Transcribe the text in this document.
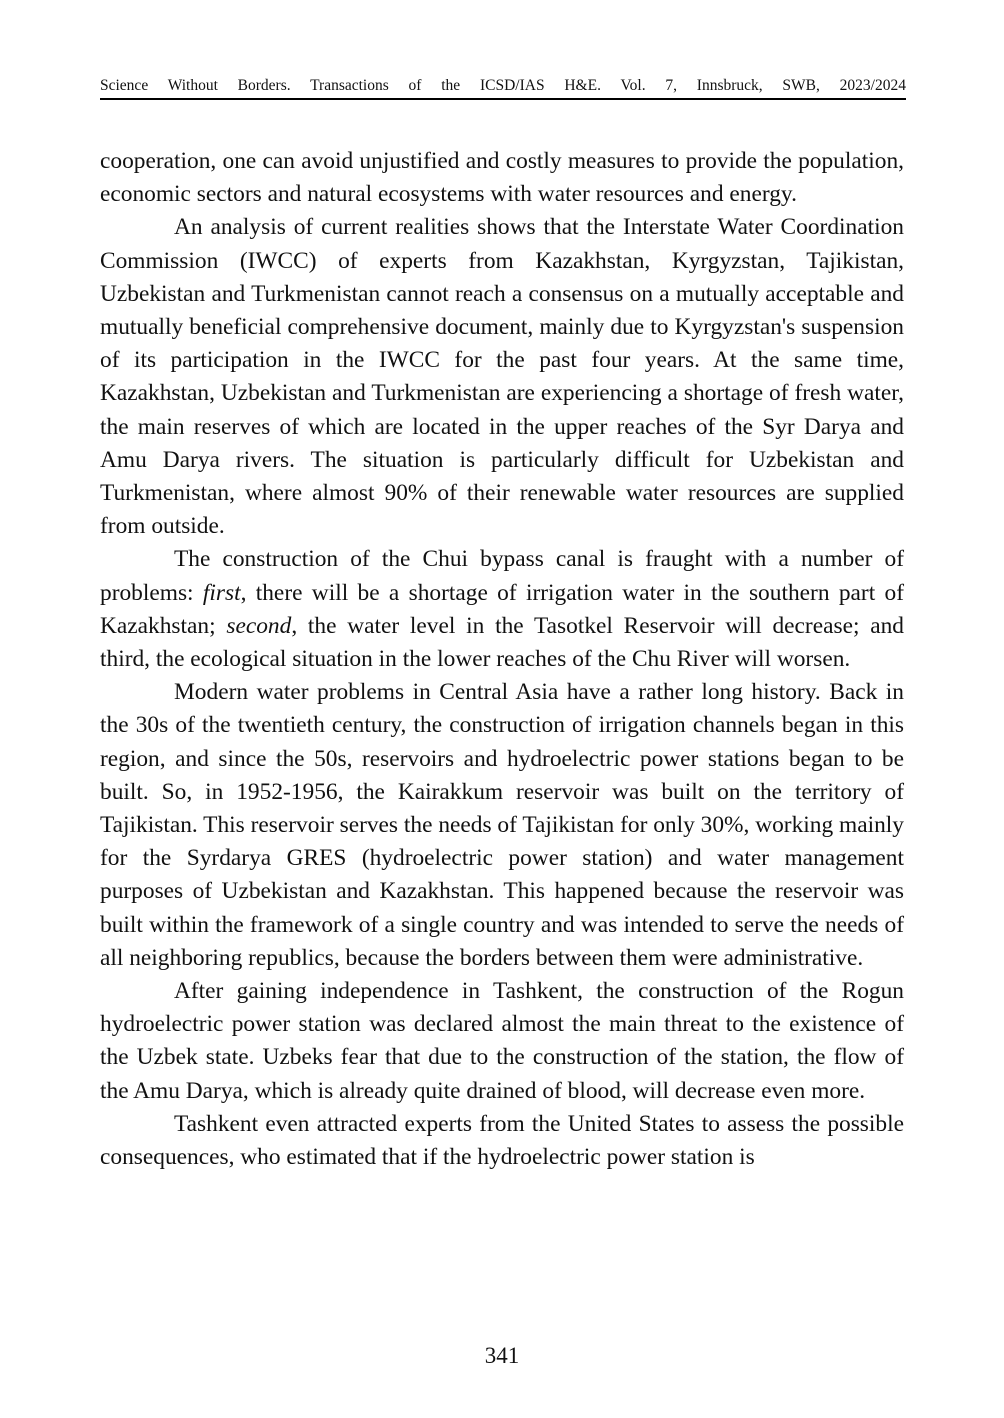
Science Without Borders. Transactions of the ICSD/IAS H&E. Vol. 7, Innsbruck, SWB, 2023/2024

cooperation, one can avoid unjustified and costly measures to provide the population, economic sectors and natural ecosystems with water resources and energy.

An analysis of current realities shows that the Interstate Water Coordination Commission (IWCC) of experts from Kazakhstan, Kyrgyzstan, Tajikistan, Uzbekistan and Turkmenistan cannot reach a consensus on a mutually acceptable and mutually beneficial comprehensive document, mainly due to Kyrgyzstan's suspension of its participation in the IWCC for the past four years. At the same time, Kazakhstan, Uzbekistan and Turkmenistan are experiencing a shortage of fresh water, the main reserves of which are located in the upper reaches of the Syr Darya and Amu Darya rivers. The situation is particularly difficult for Uzbekistan and Turkmenistan, where almost 90% of their renewable water resources are supplied from outside.

The construction of the Chui bypass canal is fraught with a number of problems: first, there will be a shortage of irrigation water in the southern part of Kazakhstan; second, the water level in the Tasotkel Reservoir will decrease; and third, the ecological situation in the lower reaches of the Chu River will worsen.

Modern water problems in Central Asia have a rather long history. Back in the 30s of the twentieth century, the construction of irrigation channels began in this region, and since the 50s, reservoirs and hydroelectric power stations began to be built. So, in 1952-1956, the Kairakkum reservoir was built on the territory of Tajikistan. This reservoir serves the needs of Tajikistan for only 30%, working mainly for the Syrdarya GRES (hydroelectric power station) and water management purposes of Uzbekistan and Kazakhstan. This happened because the reservoir was built within the framework of a single country and was intended to serve the needs of all neighboring republics, because the borders between them were administrative.

After gaining independence in Tashkent, the construction of the Rogun hydroelectric power station was declared almost the main threat to the existence of the Uzbek state. Uzbeks fear that due to the construction of the station, the flow of the Amu Darya, which is already quite drained of blood, will decrease even more.

Tashkent even attracted experts from the United States to assess the possible consequences, who estimated that if the hydroelectric power station is

341
